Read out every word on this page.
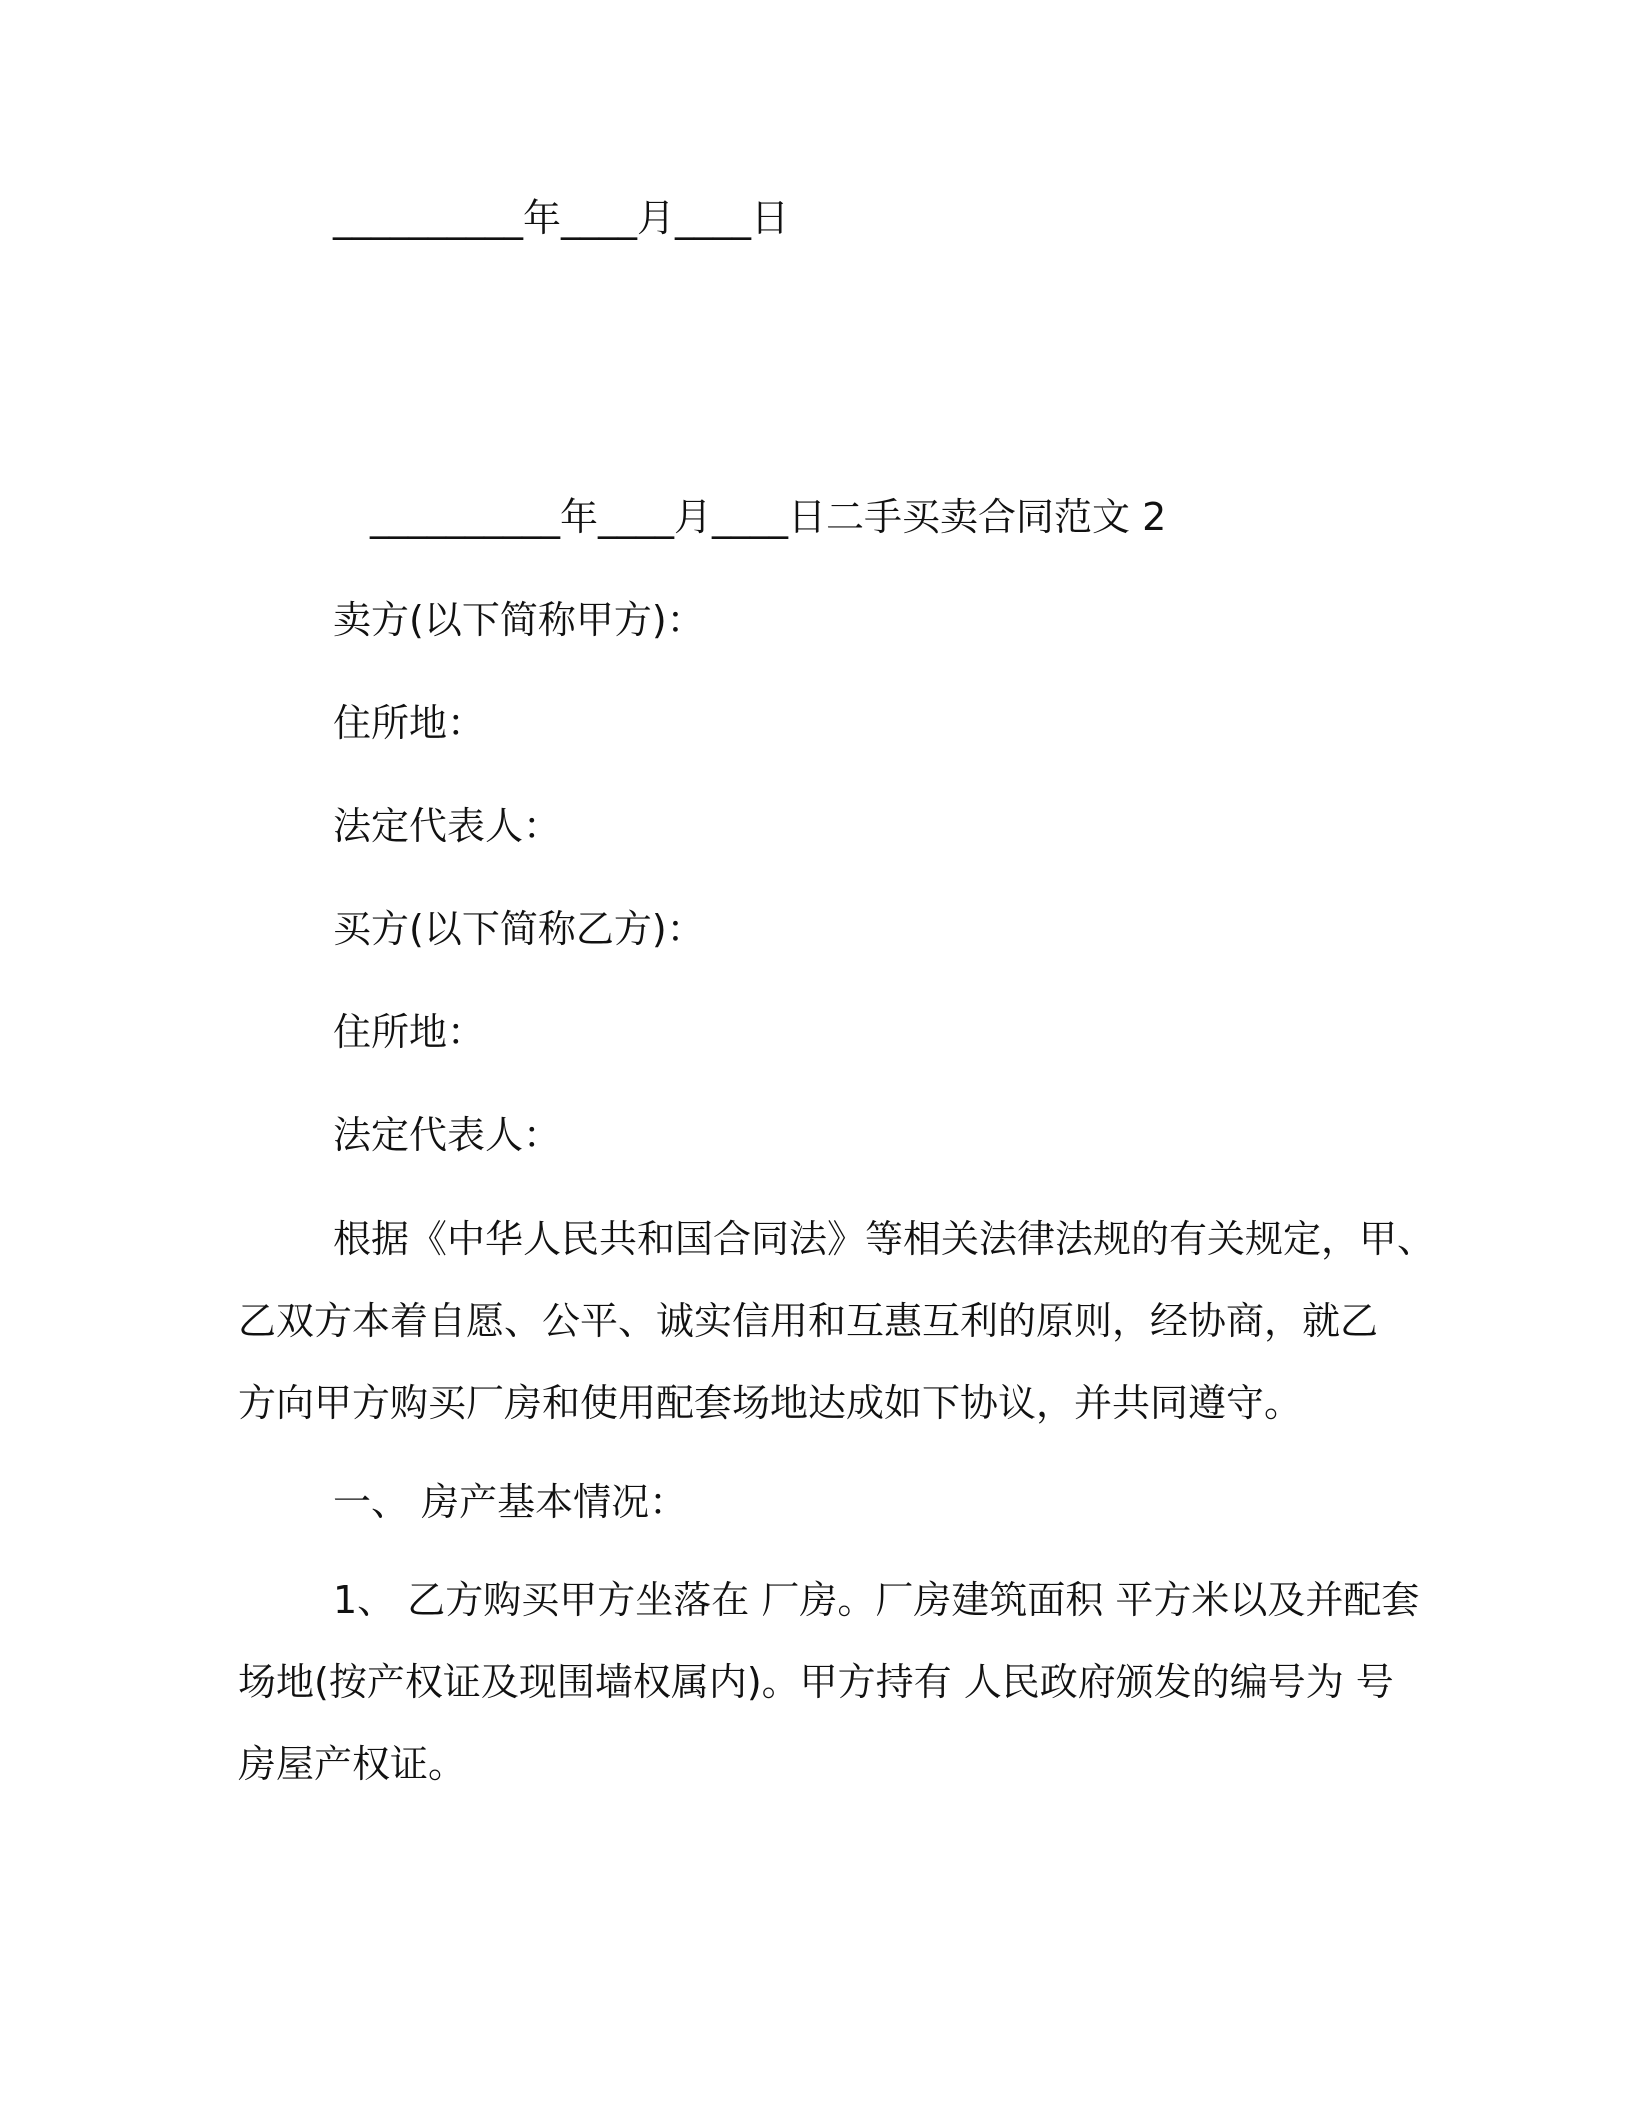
__________年____月____日
__________年____月____日二手买卖合同范文 2
卖方(以下简称甲方)：
住所地：
法定代表人：
买方(以下简称乙方)：
住所地：
法定代表人：
根据《中华人民共和国合同法》等相关法律法规的有关规定，甲、
乙双方本着自愿、公平、诚实信用和互惠互利的原则，经协商，就乙
方向甲方购买厂房和使用配套场地达成如下协议，并共同遵守。
一、 房产基本情况：
1、 乙方购买甲方坐落在 厂房。厂房建筑面积 平方米以及并配套
场地(按产权证及现围墙权属内)。甲方持有 人民政府颁发的编号为 号
房屋产权证。
